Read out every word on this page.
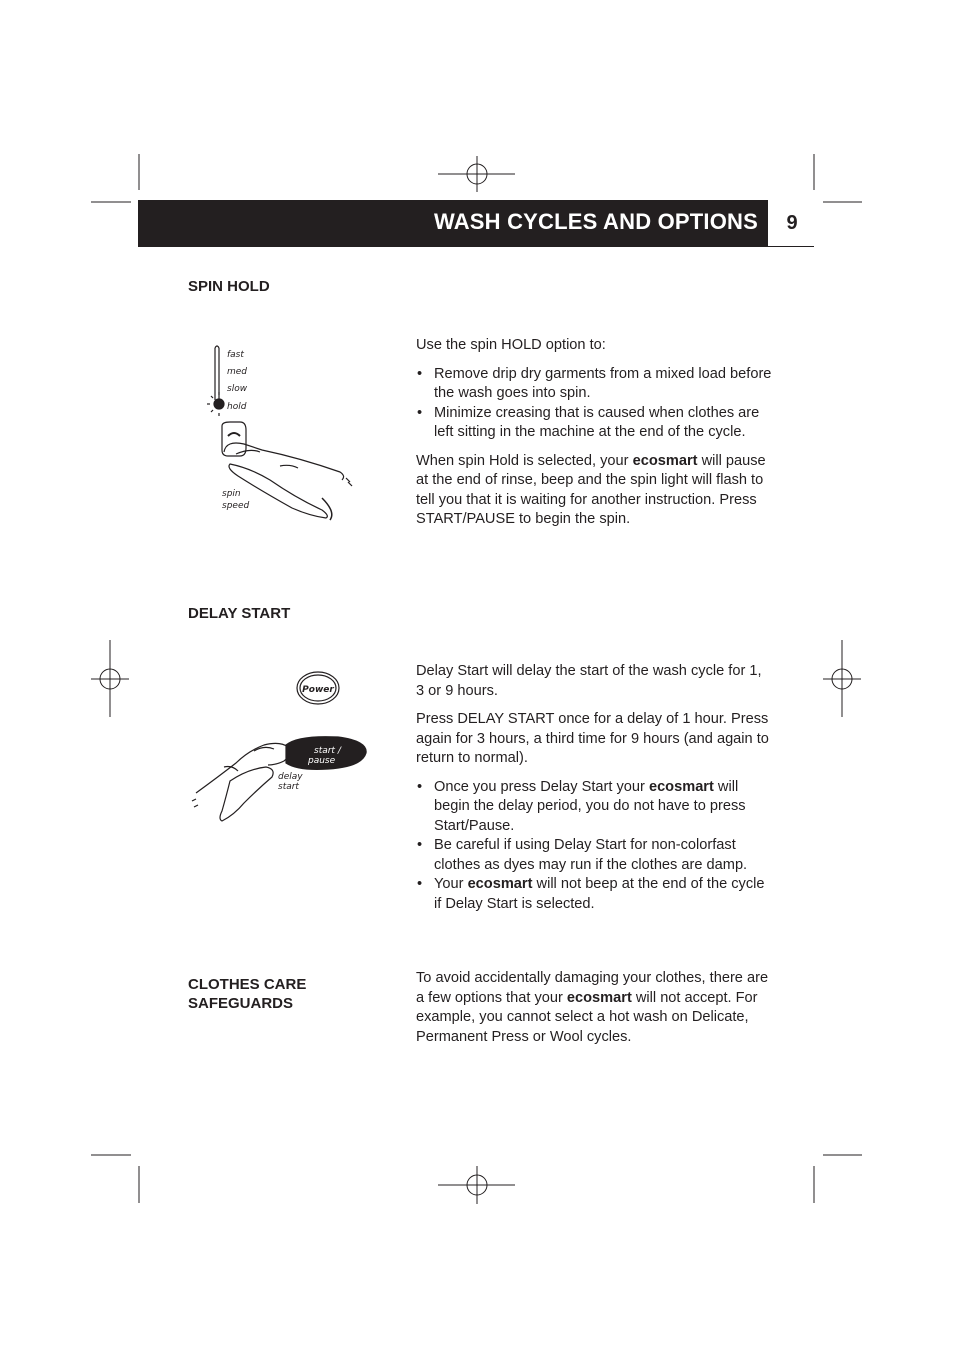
WASH CYCLES AND OPTIONS	9
SPIN HOLD
fast
med
slow
hold
spin
speed

Use the spin HOLD option to:

• Remove drip dry garments from a mixed load before the wash goes into spin.
• Minimize creasing that is caused when clothes are left sitting in the machine at the end of the cycle.

When spin Hold is selected, your ecosmart will pause at the end of rinse, beep and the spin light will flash to tell you that it is waiting for another instruction. Press START/PAUSE to begin the spin.

DELAY START
Power
start /
pause
delay
start

Delay Start will delay the start of the wash cycle for 1, 3 or 9 hours.

Press DELAY START once for a delay of 1 hour. Press again for 3 hours, a third time for 9 hours (and again to return to normal).

• Once you press Delay Start your ecosmart will begin the delay period, you do not have to press Start/Pause.
• Be careful if using Delay Start for non-colorfast clothes as dyes may run if the clothes are damp.
• Your ecosmart will not beep at the end of the cycle if Delay Start is selected.
CLOTHES CARE
SAFEGUARDS

To avoid accidentally damaging your clothes, there are a few options that your ecosmart will not accept. For example, you cannot select a hot wash on Delicate, Permanent Press or Wool cycles.
